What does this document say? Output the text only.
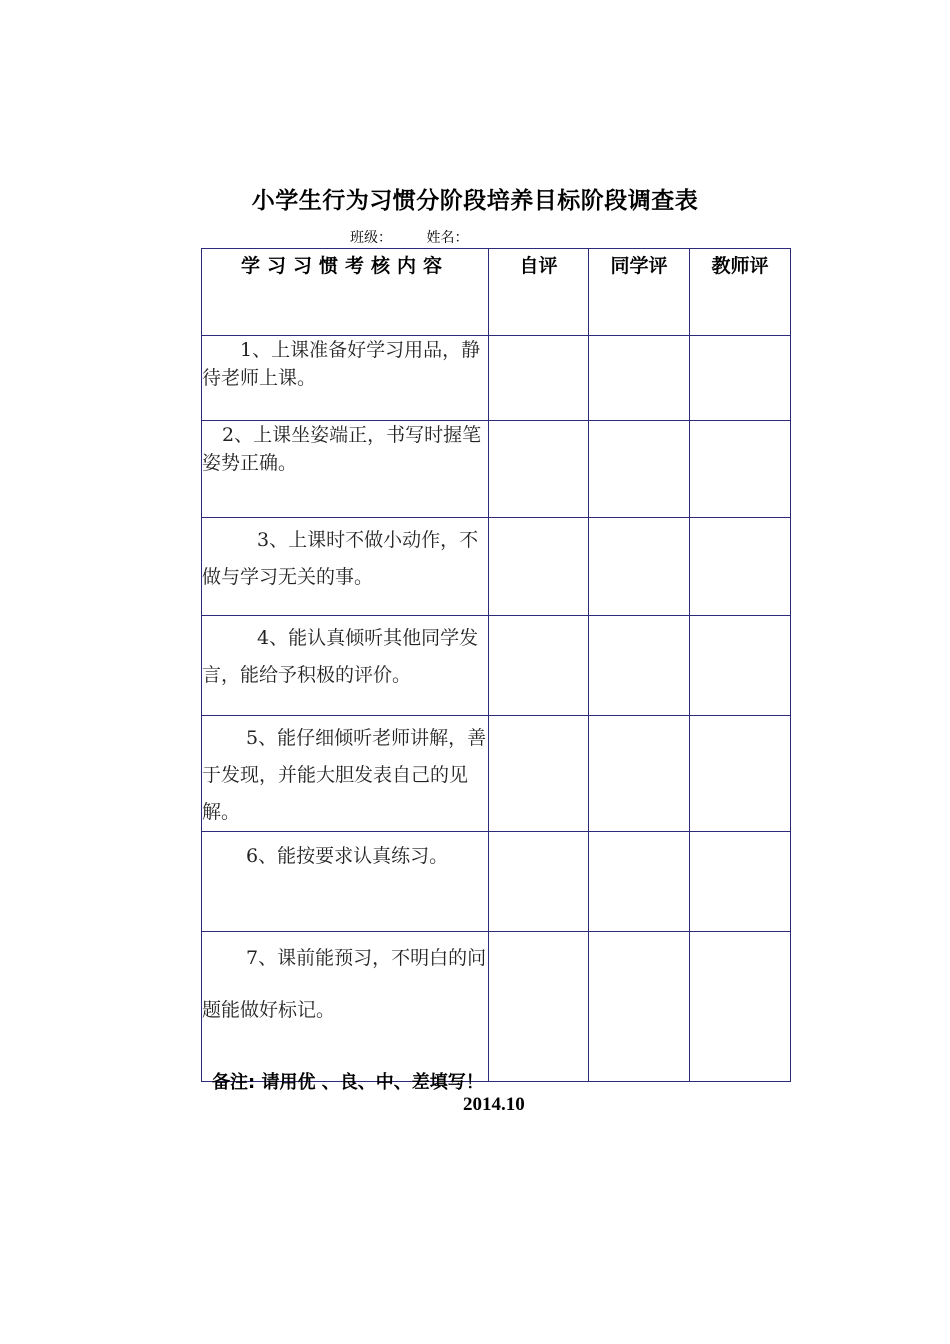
小学生行为习惯分阶段培养目标阶段调查表
班级： 姓名：
学习习惯考核内容	自评	同学评	教师评
1、上课准备好学习用品，静待老师上课。			
2、上课坐姿端正，书写时握笔姿势正确。			
3、上课时不做小动作，不做与学习无关的事。			
4、能认真倾听其他同学发言，能给予积极的评价。			
5、能仔细倾听老师讲解，善于发现，并能大胆发表自己的见解。			
6、能按要求认真练习。			
7、课前能预习，不明白的问题能做好标记。			
备注: 请用优 、良、中、差填写！
2014.10
